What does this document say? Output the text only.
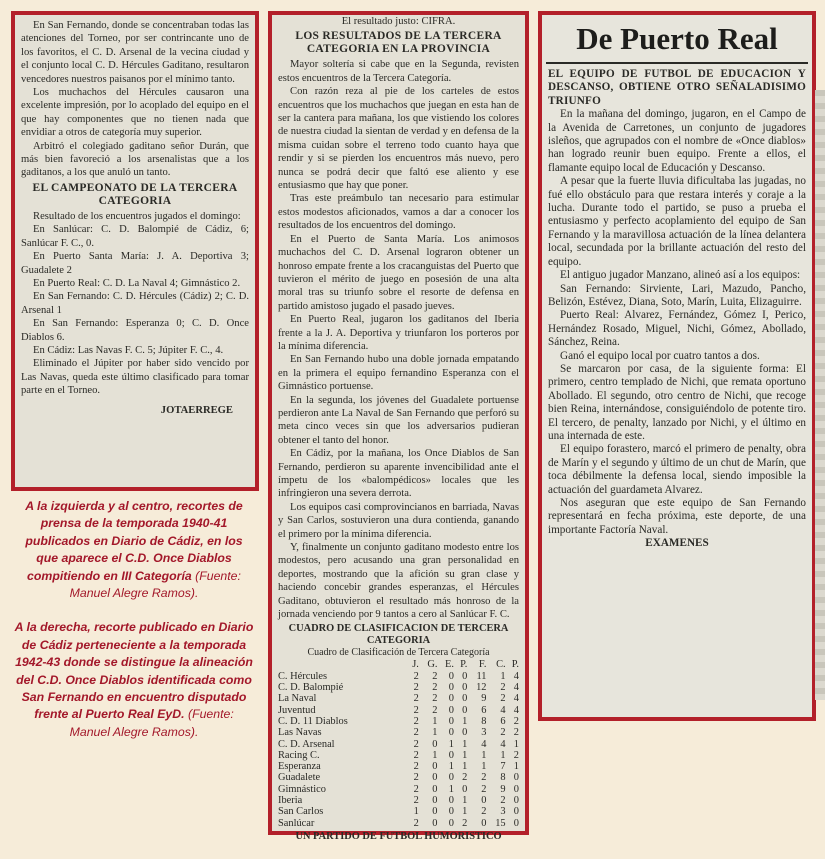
En San Fernando, donde se concentraban todas las atenciones del Torneo, por ser contrincante uno de los favoritos, el C. D. Arsenal de la vecina ciudad y el conjunto local C. D. Hércules Gaditano, resultaron vencedores nuestros paisanos por el mínimo tanto.

Los muchachos del Hércules causaron una excelente impresión, por lo acoplado del equipo en el que hay componentes que no tienen nada que envidiar a otros de categoría muy superior.

Arbitró el colegiado gaditano señor Durán, que más bien favoreció a los arsenalistas que a los gaditanos, a los que anuló un tanto.

EL CAMPEONATO DE LA TERCERA CATEGORIA

Resultado de los encuentros jugados el domingo:

En Sanlúcar: C. D. Balompié de Cádiz, 6; Sanlúcar F. C., 0.

En Puerto Santa María: J. A. Deportiva 3; Guadalete 2

En Puerto Real: C. D. La Naval 4; Gimnástico 2.

En San Fernando: C. D. Hércules (Cádiz) 2; C. D. Arsenal 1

En San Fernando: Esperanza 0; C. D. Once Diablos 6.

En Cádiz: Las Navas F. C. 5; Júpiter F. C., 4.

Eliminado el Júpiter por haber sido vencido por Las Navas, queda este último clasificado para tomar parte en el Torneo.

JOTAERREGE

El resultado justo: CIFRA.

LOS RESULTADOS DE LA TERCERA CATEGORIA EN LA PROVINCIA

Mayor soltería si cabe que en la Segunda, revisten estos encuentros de la Tercera Categoría.

Con razón reza al pie de los carteles de estos encuentros que los muchachos que juegan en esta han de ser la cantera para mañana, los que vistiendo los colores de nuestra ciudad la sientan de verdad y en defensa de la misma cuidan sobre el terreno todo cuanto haya que rendir y si se pierden los encuentros más nuevo, pero nunca se podrá decir que faltó ese aliento y ese entusiasmo que hay que poner.

Tras este preámbulo tan necesario para estimular estos modestos aficionados, vamos a dar a conocer los resultados de los encuentros del domingo.

En el Puerto de Santa María. Los animosos muchachos del C. D. Arsenal lograron obtener un honroso empate frente a los cracanguistas del Puerto que tuvieron el mérito de juego en posesión de una alta moral tras su triunfo sobre el resorte de defensa en partido amistoso jugado el pasado jueves.

En Puerto Real, jugaron los gaditanos del Iberia frente a la J. A. Deportiva y triunfaron los porteros por la mínima diferencia.

En San Fernando hubo una doble jornada empatando en la primera el equipo fernandino Esperanza con el Gimnástico portuense.

En la segunda, los jóvenes del Guadalete portuense perdieron ante La Naval de San Fernando que perforó su meta cinco veces sin que los adversarios pudieran obtener el tanto del honor.

En Cádiz, por la mañana, los Once Diablos de San Fernando, perdieron su aparente invencibilidad ante el ímpetu de los «balompédicos» locales que les infringieron una severa derrota.

Los equipos casi comprovincianos en barriada, Navas y San Carlos, sostuvieron una dura contienda, ganando el primero por la mínima diferencia.

Y, finalmente un conjunto gaditano modesto entre los modestos, pero acusando una gran personalidad en deportes, mostrando que la afición su gran clase y haciendo concebir grandes esperanzas, el Hércules Gaditano, obtuvieron el resultado más honroso de la jornada venciendo por 9 tantos a cero al Sanlúcar F. C.

CUADRO DE CLASIFICACION DE TERCERA CATEGORIA
Cuadro de Clasificación de Tercera Categoría
	J.	G.	E.	P.	F.	C.	P.
C. Hércules	2	2	0	0	11	1	4
C. D. Balompié	2	2	0	0	12	2	4
La Naval	2	2	0	0	9	2	4
Juventud	2	2	0	0	6	4	4
C. D. 11 Diablos	2	1	0	1	8	6	2
Las Navas	2	1	0	0	3	2	2
C. D. Arsenal	2	0	1	1	4	4	1
Racing C.	2	1	0	1	1	1	2
Esperanza	2	0	1	1	1	7	1
Guadalete	2	0	0	2	2	8	0
Gimnástico	2	0	1	0	2	9	0
Iberia	2	0	0	1	0	2	0
San Carlos	1	0	0	1	2	3	0
Sanlúcar	2	0	0	2	0	15	0
UN PARTIDO DE FUTBOL HUMORISTICO
De Puerto Real

EL EQUIPO DE FUTBOL DE EDUCACION Y DESCANSO, OBTIENE OTRO SEÑALADISIMO TRIUNFO

En la mañana del domingo, jugaron, en el Campo de la Avenida de Carretones, un conjunto de jugadores isleños, que agrupados con el nombre de «Once diablos» han logrado reunir buen equipo. Frente a ellos, el flamante equipo local de Educación y Descanso.

A pesar que la fuerte lluvia dificultaba las jugadas, no fué ello obstáculo para que restara interés y coraje a la lucha. Durante todo el partido, se puso a prueba el entusiasmo y perfecto acoplamiento del equipo de San Fernando y la maravillosa actuación de la línea delantera local, secundada por la brillante actuación del resto del equipo.

El antiguo jugador Manzano, alineó así a los equipos:

San Fernando: Sirviente, Lari, Mazudo, Pancho, Belizón, Estévez, Diana, Soto, Marín, Luita, Elizaguirre.

Puerto Real: Alvarez, Fernández, Gómez I, Perico, Hernández Rosado, Miguel, Nichi, Gómez, Abollado, Sánchez, Reina.

Ganó el equipo local por cuatro tantos a dos.

Se marcaron por casa, de la siguiente forma: El primero, centro templado de Nichi, que remata oportuno Abollado. El segundo, otro centro de Nichi, que recoge bien Reina, internándose, consiguiéndolo de potente tiro. El tercero, de penalty, lanzado por Nichi, y el último en una internada de este.

El equipo forastero, marcó el primero de penalty, obra de Marín y el segundo y último de un chut de Marín, que toca débilmente la defensa local, siendo imposible la actuación del guardameta Alvarez.

Nos aseguran que este equipo de San Fernando representará en fecha próxima, este deporte, de una importante Factoría Naval.

EXAMENES

A la izquierda y al centro, recortes de prensa de la temporada 1940-41 publicados en Diario de Cádiz, en los que aparece el C.D. Once Diablos compitiendo en III Categoría (Fuente: Manuel Alegre Ramos).

A la derecha, recorte publicado en Diario de Cádiz perteneciente a la temporada 1942-43 donde se distingue la alineación del C.D. Once Diablos identificada como San Fernando en encuentro disputado frente al Puerto Real EyD. (Fuente: Manuel Alegre Ramos).
